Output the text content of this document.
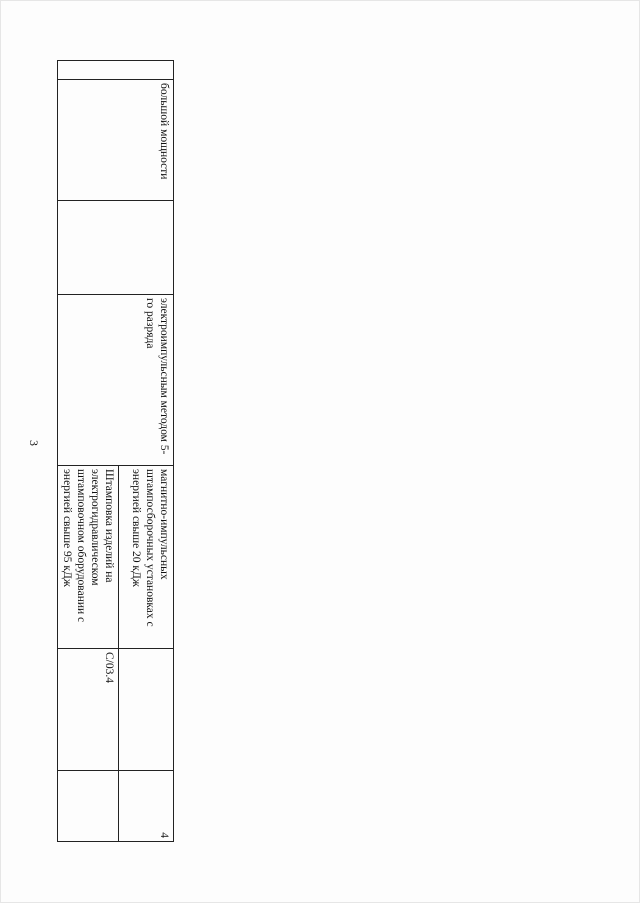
3
	большой мощности		электроимпульсным методом 5-го разряда	магнитно-импульсных штампосборочных установках с энергией свыше 20 кДж		4
				Штамповка изделий на электрогидравлическом штамповочном оборудовании с энергией свыше 95 кДж	С/03.4	
